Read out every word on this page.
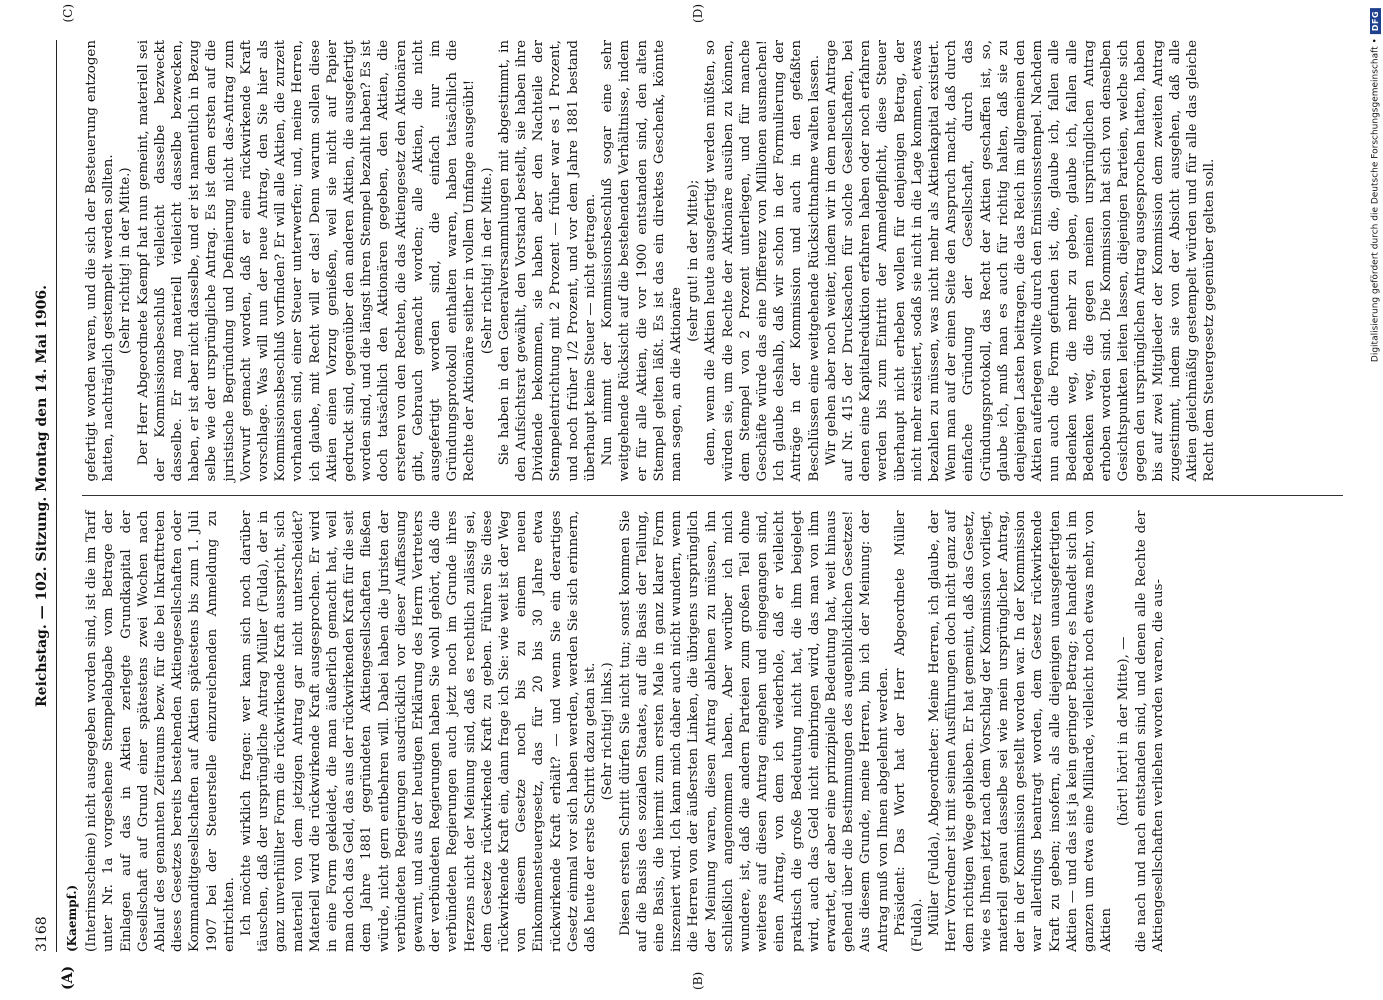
3168
Reichstag. — 102. Sitzung. Montag den 14. Mai 1906.
(A)	(B)
(C)	(D)
(Kaempf.) (Interimsscheine) nicht ausgegeben worden sind, ist die im Tarif unter Nr. 1a vorgesehene Stempelabgabe vom Betrage der Einlagen auf das in Aktien zerlegte Grundkapital der Gesellschaft auf Grund einer spätestens zwei Wochen nach Ablauf des genannten Zeitraums bezw. für die bei Inkrafttreten dieses Gesetzes bereits bestehenden Aktiengesellschaften oder Kommanditgesellschaften auf Aktien spätestens bis zum 1. Juli 1907 bei der Steuerstelle einzureichenden Anmeldung zu entrichten. Ich möchte wirklich fragen: wer kann sich noch darüber täuschen, daß der ursprüngliche Antrag Müller (Fulda), der in ganz unverhüllter Form die rückwirkende Kraft ausspricht, sich materiell von dem jetzigen Antrag gar nicht unterscheidet? Materiell wird die rückwirkende Kraft ausgesprochen. Er wird in eine Form gekleidet, die man äußerlich gemacht hat, weil man doch das Geld, das aus der rückwirkenden Kraft für die seit dem Jahre 1881 gegründeten Aktiengesellschaften fließen würde, nicht gern entbehren will. Dabei haben die Juristen der verbündeten Regierungen ausdrücklich vor dieser Auffassung gewarnt, und aus der heutigen Erklärung des Herrn Vertreters der verbündeten Regierungen haben Sie wohl gehört, daß die verbündeten Regierungen auch jetzt noch im Grunde ihres Herzens nicht der Meinung sind, daß es rechtlich zulässig sei, dem Gesetze rückwirkende Kraft zu geben. Führen Sie diese rückwirkende Kraft ein, dann frage ich Sie: wie weit ist der Weg von diesem Gesetze noch bis zu einem neuen Einkommensteuergesetz, das für 20 bis 30 Jahre etwa rückwirkende Kraft erhält? — und wenn Sie ein derartiges Gesetz einmal vor sich haben werden, werden Sie sich erinnern, daß heute der erste Schritt dazu getan ist. (Sehr richtig! links.) Diesen ersten Schritt dürfen Sie nicht tun; sonst kommen Sie auf die Basis des sozialen Staates, auf die Basis der Teilung, eine Basis, die hiermit zum ersten Male in ganz klarer Form inszeniert wird. Ich kann mich daher auch nicht wundern, wenn die Herren von der äußersten Linken, die übrigens ursprünglich der Meinung waren, diesen Antrag ablehnen zu müssen, ihn schließlich angenommen haben. Aber worüber ich mich wundere, ist, daß die andern Parteien zum großen Teil ohne weiteres auf diesen Antrag eingehen und eingegangen sind, einen Antrag, von dem ich wiederhole, daß er vielleicht praktisch die große Bedeutung nicht hat, die ihm beigelegt wird, auch das Geld nicht einbringen wird, das man von ihm erwartet, der aber eine prinzipielle Bedeutung hat, weit hinaus gehend über die Bestimmungen des augenblicklichen Gesetzes! Aus diesem Grunde, meine Herren, bin ich der Meinung: der Antrag muß von Ihnen abgelehnt werden. Präsident: Das Wort hat der Herr Abgeordnete Müller (Fulda). Müller (Fulda), Abgeordneter: Meine Herren, ich glaube, der Herr Vorredner ist mit seinen Ausführungen doch nicht ganz auf dem richtigen Wege geblieben. Er hat gemeint, daß das Gesetz, wie es Ihnen jetzt nach dem Vorschlag der Kommission vorliegt, materiell genau dasselbe sei wie mein ursprünglicher Antrag, der in der Kommission gestellt worden war. In der Kommission war allerdings beantragt worden, dem Gesetz rückwirkende Kraft zu geben; insofern, als alle diejenigen unausgefertigten Aktien — und das ist ja kein geringer Betrag; es handelt sich im ganzen um etwa eine Milliarde, vielleicht noch etwas mehr, von Aktien

(hört! hört! in der Mitte), — die nach und nach entstanden sind, und denen alle Rechte der Aktiengesellschaften verliehen worden waren, die aus-

gefertigt worden waren, und die sich der Besteuerung entzogen hatten, nachträglich gestempelt werden sollten. (Sehr richtig! in der Mitte.) Der Herr Abgeordnete Kaempf hat nun gemeint, materiell sei der Kommissionsbeschluß vielleicht dasselbe bezweckt dasselbe. Er mag materiell vielleicht dasselbe bezwecken, haben, er ist aber nicht dasselbe, und er ist namentlich in Bezug selbe wie der ursprüngliche Antrag. Es ist dem ersten auf die juristische Begründung und Definierung nicht das-Antrag zum Vorwurf gemacht worden, daß er eine rückwirkende Kraft vorschlage. Was will nun der neue Antrag, den Sie hier als Kommissionsbeschluß vorfinden? Er will alle Aktien, die zurzeit vorhanden sind, einer Steuer unterwerfen; und, meine Herren, ich glaube, mit Recht will er das! Denn warum sollen diese Aktien einen Vorzug genießen, weil sie nicht auf Papier gedruckt sind, gegenüber den anderen Aktien, die ausgefertigt worden sind, und die längst ihren Stempel bezahlt haben? Es ist doch tatsächlich den Aktionären gegeben, den Aktien, die ersteren von den Rechten, die das Aktiengesetz den Aktionären gibt, Gebrauch gemacht worden; alle Aktien, die nicht ausgefertigt worden sind, die einfach nur im Gründungsprotokoll enthalten waren, haben tatsächlich die Rechte der Aktionäre seither in vollem Umfange ausgeübt! (Sehr richtig! in der Mitte.) Sie haben in den Generalversammlungen mit abgestimmt, in den Aufsichtsrat gewählt, den Vorstand bestellt, sie haben ihre Dividende bekommen, sie haben aber den Nachteile der Stempelentrichtung mit 2 Prozent — früher war es 1 Prozent, und noch früher 1/2 Prozent, und vor dem Jahre 1881 bestand überhaupt keine Steuer — nicht getragen. Nun nimmt der Kommissionsbeschluß sogar eine sehr weitgehende Rücksicht auf die bestehenden Verhältnisse, indem er für alle Aktien, die vor 1900 entstanden sind, den alten Stempel gelten läßt. Es ist das ein direktes Geschenk, könnte man sagen, an die Aktionäre

(sehr gut! in der Mitte); denn, wenn die Aktien heute ausgefertigt werden müßten, so würden sie, um die Rechte der Aktionäre ausüben zu können, dem Stempel von 2 Prozent unterliegen, und für manche Geschäfte würde das eine Differenz von Millionen ausmachen! Ich glaube deshalb, daß wir schon in der Formulierung der Anträge in der Kommission und auch in den gefaßten Beschlüssen eine weitgehende Rücksichtnahme walten lassen. Wir gehen aber noch weiter, indem wir in dem neuen Antrage auf Nr. 415 der Drucksachen für solche Gesellschaften, bei denen eine Kapitalreduktion erfahren haben oder noch erfahren werden bis zum Eintritt der Anmeldepflicht, diese Steuer überhaupt nicht erheben wollen für denjenigen Betrag, der nicht mehr existiert, sodaß sie nicht in die Lage kommen, etwas bezahlen zu müssen, was nicht mehr als Aktienkapital existiert. Wenn man auf der einen Seite den Anspruch macht, daß durch einfache Gründung der Gesellschaft, durch das Gründungsprotokoll, das Recht der Aktien geschaffen ist, so, glaube ich, muß man es auch für richtig halten, daß sie zu denjenigen Lasten beitragen, die das Reich im allgemeinen den Aktien auferlegen wollte durch den Emissionsstempel. Nachdem nun auch die Form gefunden ist, die, glaube ich, fallen alle Bedenken weg, die mehr zu geben, glaube ich, fallen alle Bedenken weg, die gegen meinen ursprünglichen Antrag erhoben worden sind. Die Kommission hat sich von denselben Gesichtspunkten leiten lassen, diejenigen Parteien, welche sich gegen den ursprünglichen Antrag ausgesprochen hatten, haben bis auf zwei Mitglieder der Kommission dem zweiten Antrag zugestimmt, indem sie von der Absicht ausgehen, daß alle Aktien gleichmäßig gestempelt würden und für alle das gleiche Recht dem Steuergesetz gegenüber gelten soll.	Digitalisierung gefördert durch die Deutsche Forschungsgemeinschaft •
DFG
